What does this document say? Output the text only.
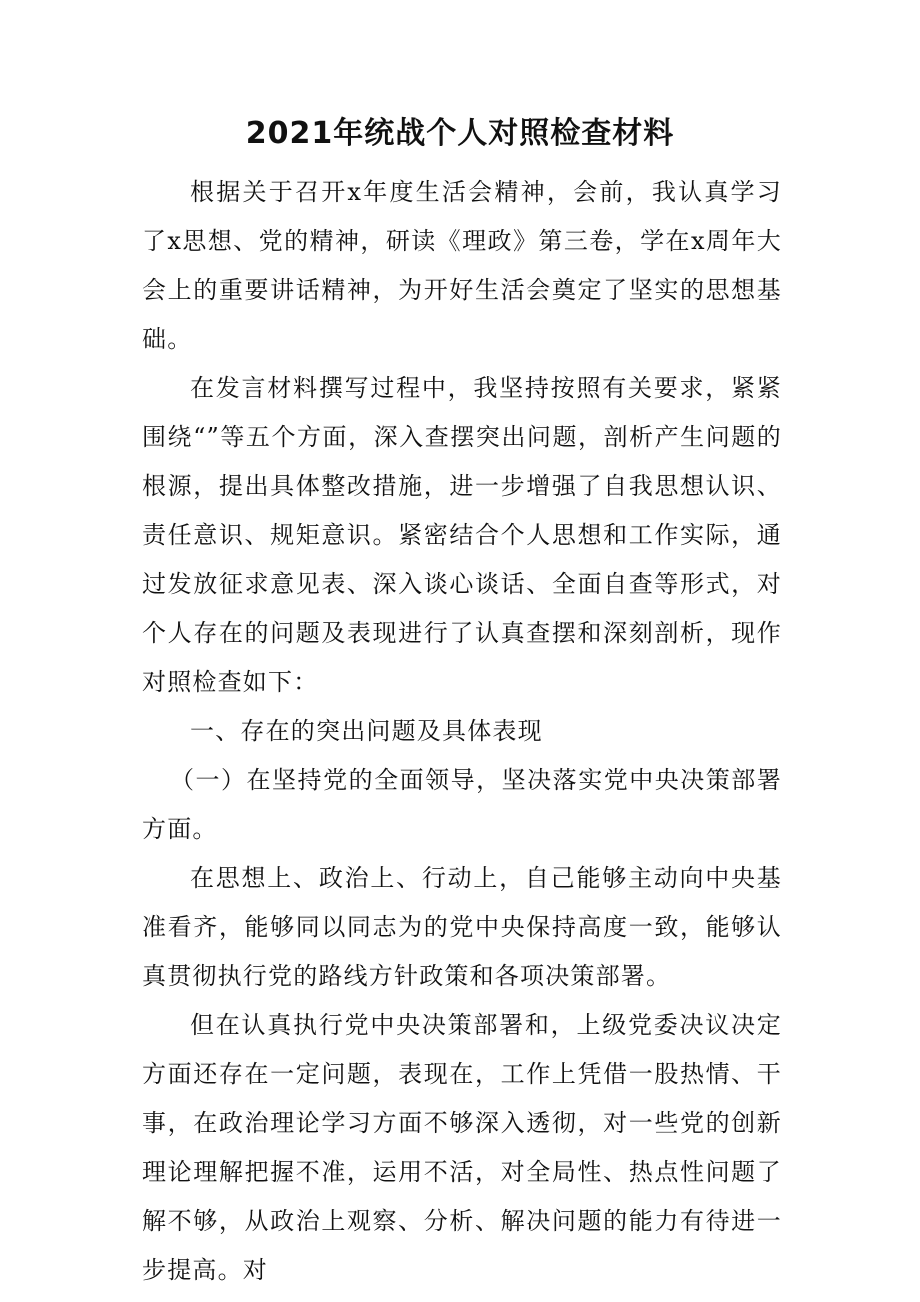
2021年统战个人对照检查材料

根据关于召开x年度生活会精神，会前，我认真学习了x思想、党的精神，研读《理政》第三卷，学在x周年大会上的重要讲话精神，为开好生活会奠定了坚实的思想基础。

在发言材料撰写过程中，我坚持按照有关要求，紧紧围绕“”等五个方面，深入查摆突出问题，剖析产生问题的根源，提出具体整改措施，进一步增强了自我思想认识、责任意识、规矩意识。紧密结合个人思想和工作实际，通过发放征求意见表、深入谈心谈话、全面自查等形式，对个人存在的问题及表现进行了认真查摆和深刻剖析，现作对照检查如下：

一、存在的突出问题及具体表现

（一）在坚持党的全面领导，坚决落实党中央决策部署方面。

在思想上、政治上、行动上，自己能够主动向中央基准看齐，能够同以同志为的党中央保持高度一致，能够认真贯彻执行党的路线方针政策和各项决策部署。

但在认真执行党中央决策部署和，上级党委决议决定方面还存在一定问题，表现在，工作上凭借一股热情、干事，在政治理论学习方面不够深入透彻，对一些党的创新理论理解把握不准，运用不活，对全局性、热点性问题了解不够，从政治上观察、分析、解决问题的能力有待进一步提高。对
